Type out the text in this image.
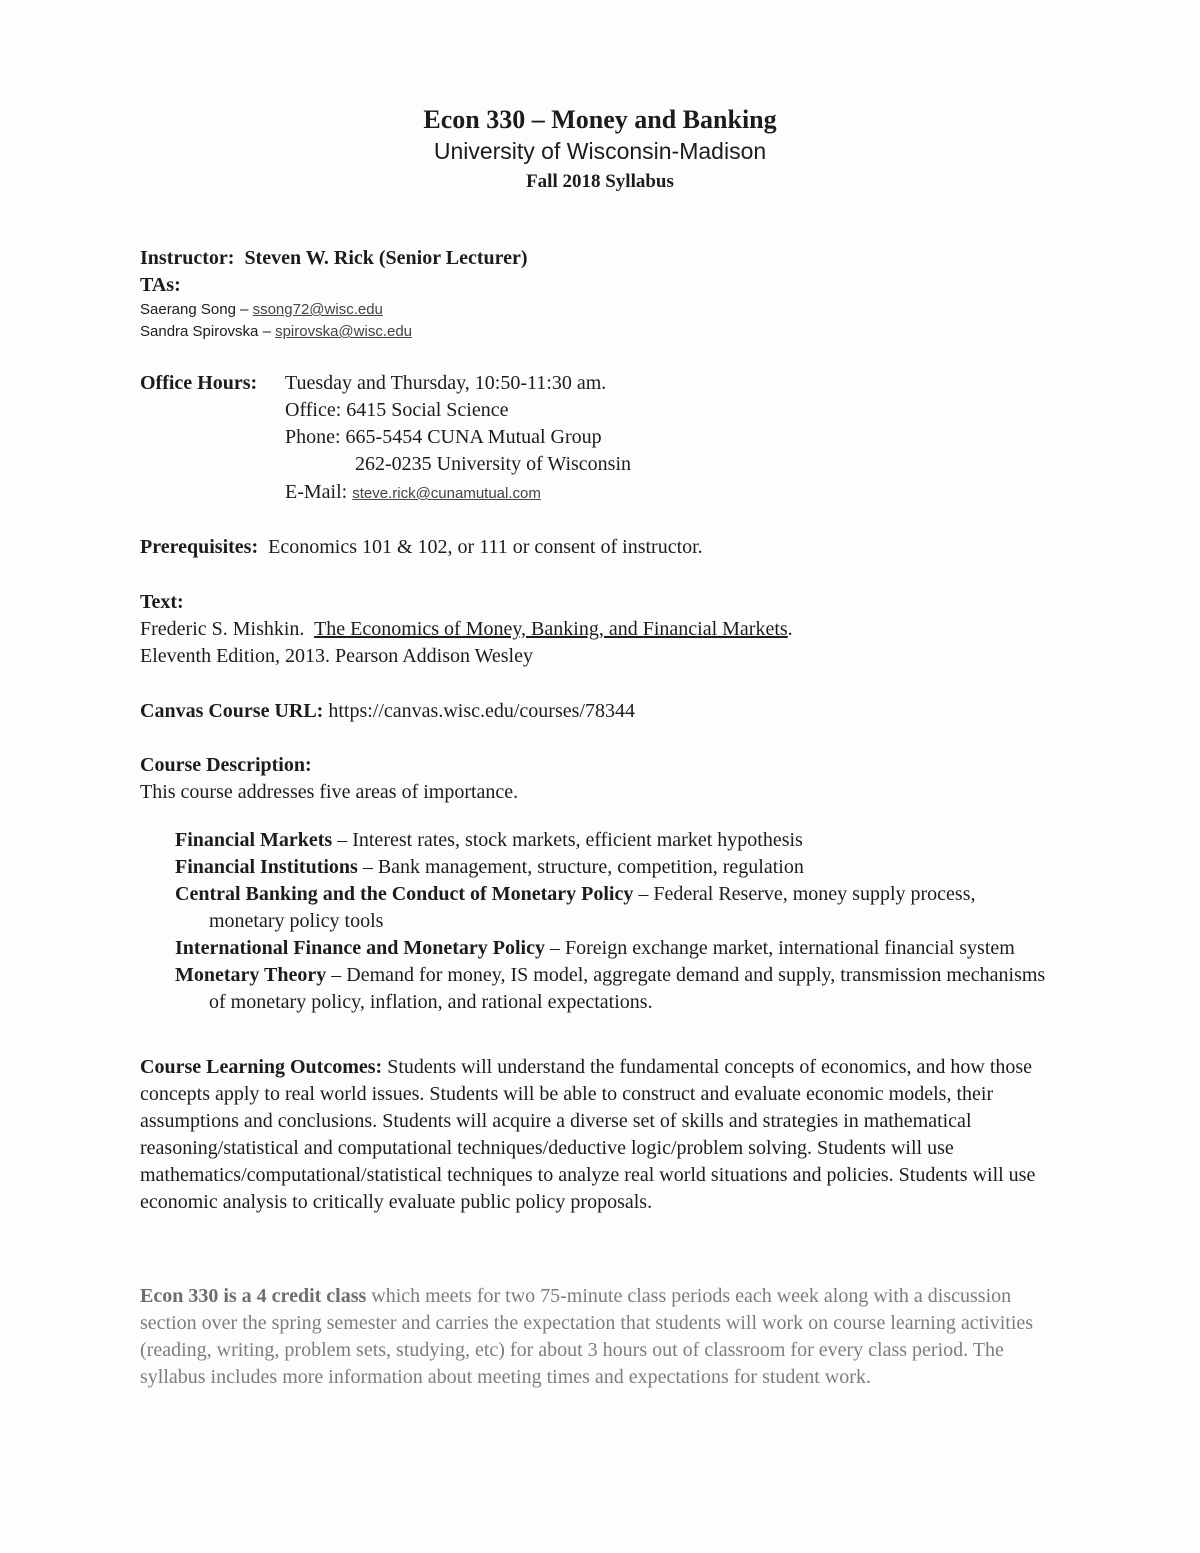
Econ 330 – Money and Banking
University of Wisconsin-Madison
Fall 2018 Syllabus
Instructor: Steven W. Rick (Senior Lecturer)
TAs:
Saerang Song – ssong72@wisc.edu
Sandra Spirovska – spirovska@wisc.edu
Office Hours: Tuesday and Thursday, 10:50-11:30 am.
Office: 6415 Social Science
Phone: 665-5454 CUNA Mutual Group
262-0235 University of Wisconsin
E-Mail: steve.rick@cunamutual.com
Prerequisites: Economics 101 & 102, or 111 or consent of instructor.
Text:
Frederic S. Mishkin. The Economics of Money, Banking, and Financial Markets.
Eleventh Edition, 2013. Pearson Addison Wesley
Canvas Course URL: https://canvas.wisc.edu/courses/78344
Course Description:
This course addresses five areas of importance.

Financial Markets – Interest rates, stock markets, efficient market hypothesis

Financial Institutions – Bank management, structure, competition, regulation

Central Banking and the Conduct of Monetary Policy – Federal Reserve, money supply process, monetary policy tools

International Finance and Monetary Policy – Foreign exchange market, international financial system

Monetary Theory – Demand for money, IS model, aggregate demand and supply, transmission mechanisms of monetary policy, inflation, and rational expectations.

Course Learning Outcomes: Students will understand the fundamental concepts of economics, and how those concepts apply to real world issues. Students will be able to construct and evaluate economic models, their assumptions and conclusions. Students will acquire a diverse set of skills and strategies in mathematical reasoning/statistical and computational techniques/deductive logic/problem solving. Students will use mathematics/computational/statistical techniques to analyze real world situations and policies. Students will use economic analysis to critically evaluate public policy proposals.
Econ 330 is a 4 credit class which meets for two 75-minute class periods each week along with a discussion section over the spring semester and carries the expectation that students will work on course learning activities (reading, writing, problem sets, studying, etc) for about 3 hours out of classroom for every class period. The syllabus includes more information about meeting times and expectations for student work.
